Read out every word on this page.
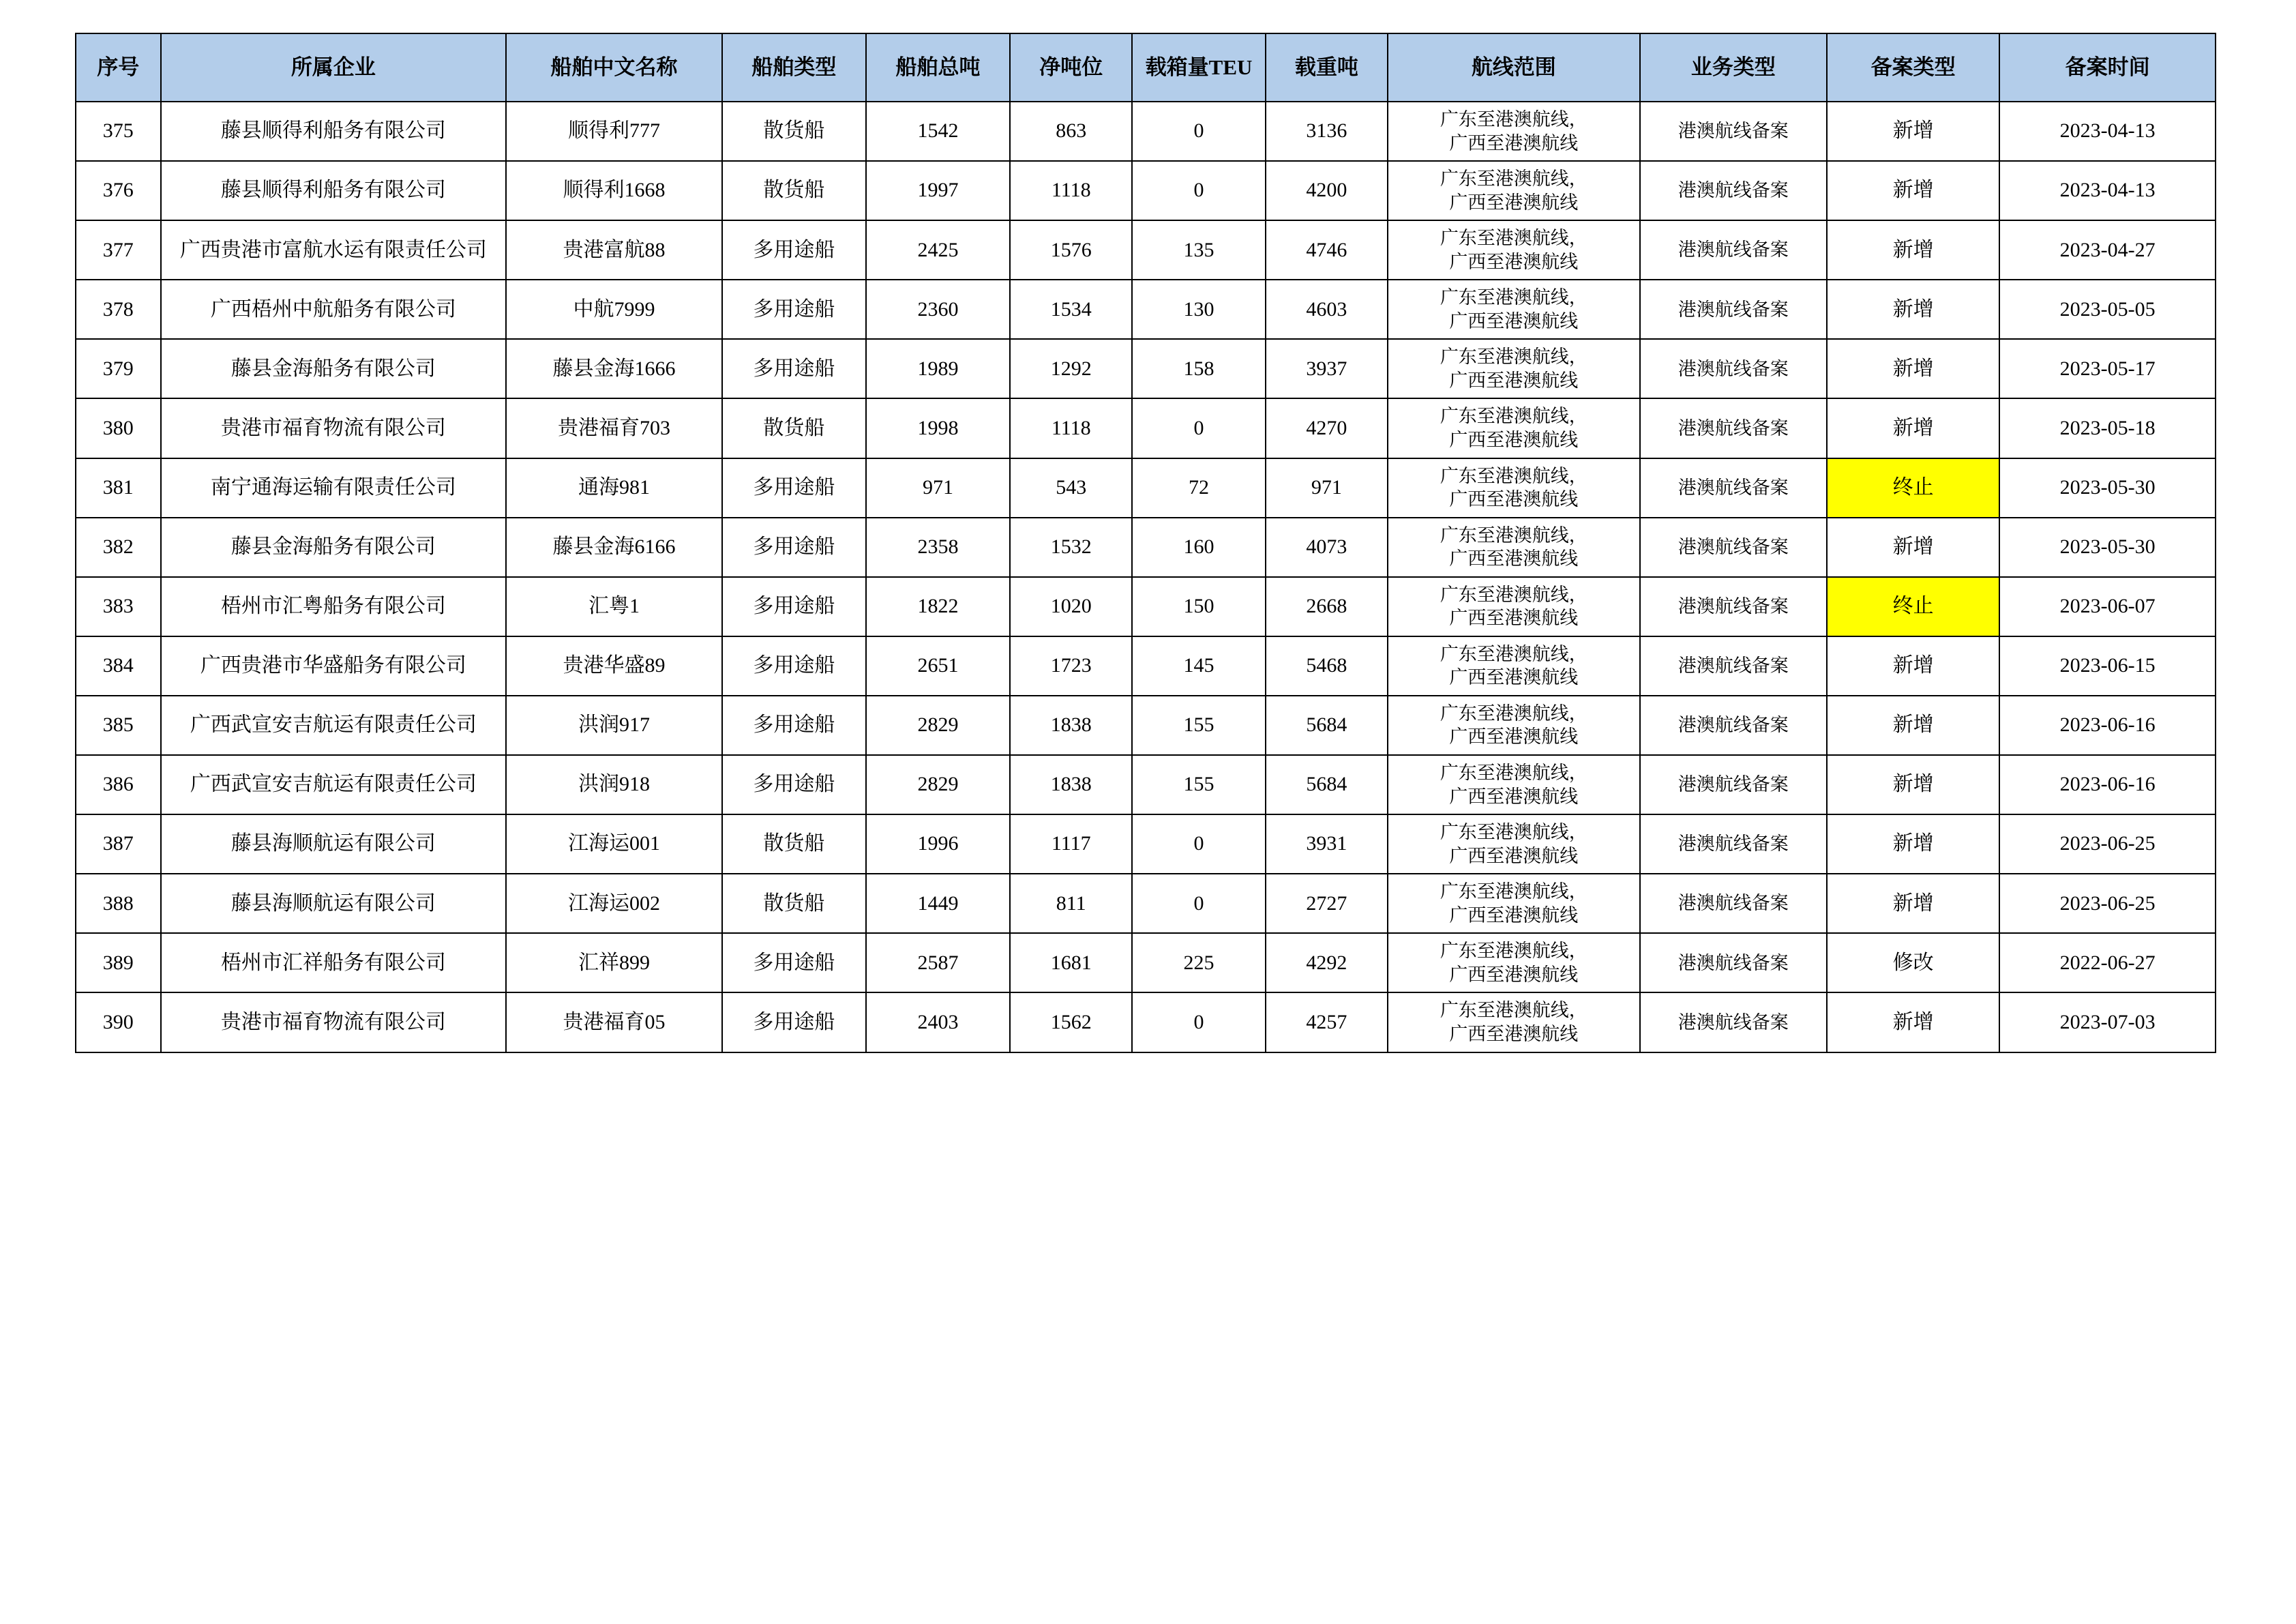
序号	所属企业	船舶中文名称	船舶类型	船舶总吨	净吨位	载箱量TEU	载重吨	航线范围	业务类型	备案类型	备案时间
375	藤县顺得利船务有限公司	顺得利777	散货船	1542	863	0	3136	广东至港澳航线，
广西至港澳航线	港澳航线备案	新增	2023-04-13
376	藤县顺得利船务有限公司	顺得利1668	散货船	1997	1118	0	4200	广东至港澳航线，
广西至港澳航线	港澳航线备案	新增	2023-04-13
377	广西贵港市富航水运有限责任公司	贵港富航88	多用途船	2425	1576	135	4746	广东至港澳航线，
广西至港澳航线	港澳航线备案	新增	2023-04-27
378	广西梧州中航船务有限公司	中航7999	多用途船	2360	1534	130	4603	广东至港澳航线，
广西至港澳航线	港澳航线备案	新增	2023-05-05
379	藤县金海船务有限公司	藤县金海1666	多用途船	1989	1292	158	3937	广东至港澳航线，
广西至港澳航线	港澳航线备案	新增	2023-05-17
380	贵港市福育物流有限公司	贵港福育703	散货船	1998	1118	0	4270	广东至港澳航线，
广西至港澳航线	港澳航线备案	新增	2023-05-18
381	南宁通海运输有限责任公司	通海981	多用途船	971	543	72	971	广东至港澳航线，
广西至港澳航线	港澳航线备案	终止	2023-05-30
382	藤县金海船务有限公司	藤县金海6166	多用途船	2358	1532	160	4073	广东至港澳航线，
广西至港澳航线	港澳航线备案	新增	2023-05-30
383	梧州市汇粤船务有限公司	汇粤1	多用途船	1822	1020	150	2668	广东至港澳航线，
广西至港澳航线	港澳航线备案	终止	2023-06-07
384	广西贵港市华盛船务有限公司	贵港华盛89	多用途船	2651	1723	145	5468	广东至港澳航线，
广西至港澳航线	港澳航线备案	新增	2023-06-15
385	广西武宣安吉航运有限责任公司	洪润917	多用途船	2829	1838	155	5684	广东至港澳航线，
广西至港澳航线	港澳航线备案	新增	2023-06-16
386	广西武宣安吉航运有限责任公司	洪润918	多用途船	2829	1838	155	5684	广东至港澳航线，
广西至港澳航线	港澳航线备案	新增	2023-06-16
387	藤县海顺航运有限公司	江海运001	散货船	1996	1117	0	3931	广东至港澳航线，
广西至港澳航线	港澳航线备案	新增	2023-06-25
388	藤县海顺航运有限公司	江海运002	散货船	1449	811	0	2727	广东至港澳航线，
广西至港澳航线	港澳航线备案	新增	2023-06-25
389	梧州市汇祥船务有限公司	汇祥899	多用途船	2587	1681	225	4292	广东至港澳航线，
广西至港澳航线	港澳航线备案	修改	2022-06-27
390	贵港市福育物流有限公司	贵港福育05	多用途船	2403	1562	0	4257	广东至港澳航线，
广西至港澳航线	港澳航线备案	新增	2023-07-03
